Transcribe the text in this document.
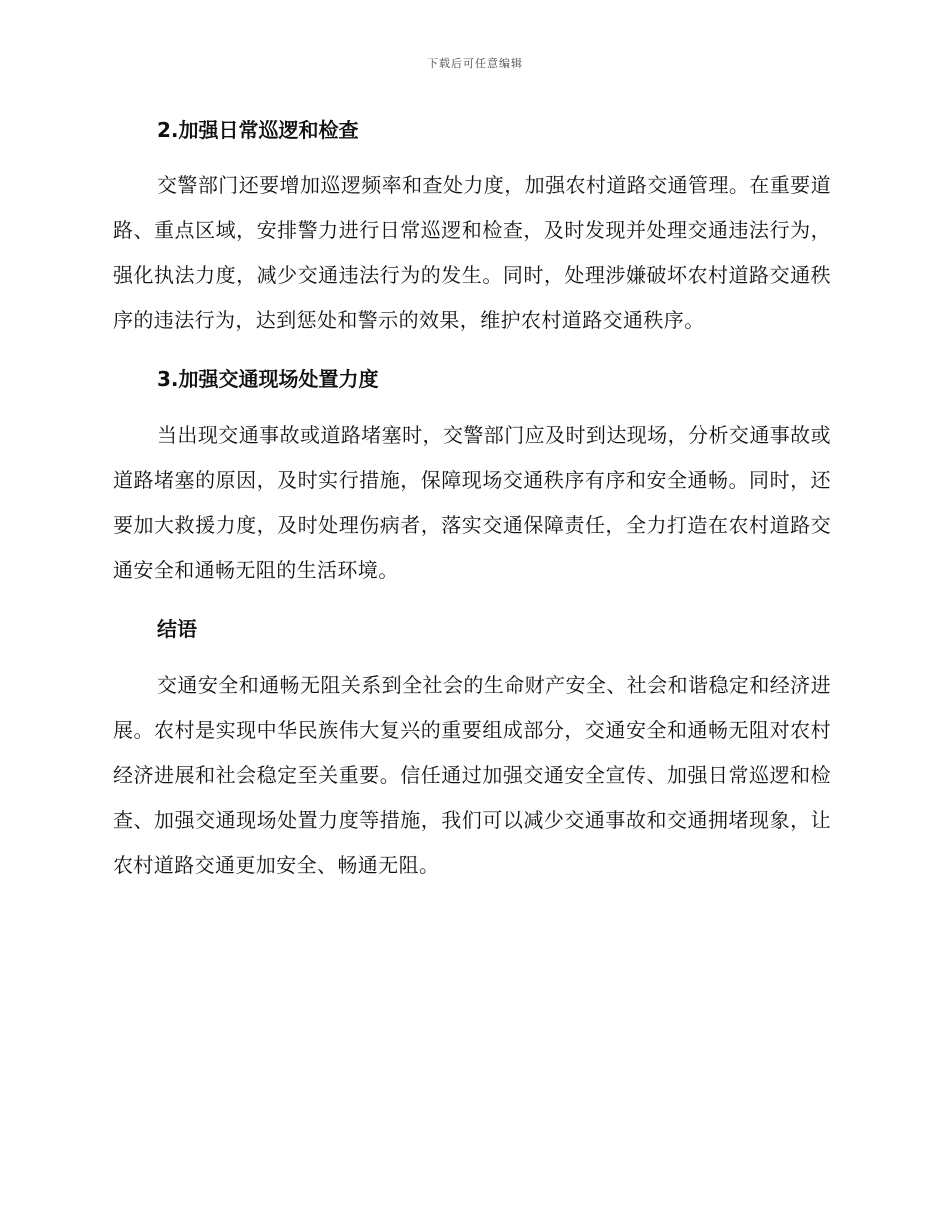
下载后可任意编辑
2.加强日常巡逻和检查

交警部门还要增加巡逻频率和查处力度，加强农村道路交通管理。在重要道路、重点区域，安排警力进行日常巡逻和检查，及时发现并处理交通违法行为，强化执法力度，减少交通违法行为的发生。同时，处理涉嫌破坏农村道路交通秩序的违法行为，达到惩处和警示的效果，维护农村道路交通秩序。

3.加强交通现场处置力度

当出现交通事故或道路堵塞时，交警部门应及时到达现场，分析交通事故或道路堵塞的原因，及时实行措施，保障现场交通秩序有序和安全通畅。同时，还要加大救援力度，及时处理伤病者，落实交通保障责任，全力打造在农村道路交通安全和通畅无阻的生活环境。

结语

交通安全和通畅无阻关系到全社会的生命财产安全、社会和谐稳定和经济进展。农村是实现中华民族伟大复兴的重要组成部分，交通安全和通畅无阻对农村经济进展和社会稳定至关重要。信任通过加强交通安全宣传、加强日常巡逻和检查、加强交通现场处置力度等措施，我们可以减少交通事故和交通拥堵现象，让农村道路交通更加安全、畅通无阻。
